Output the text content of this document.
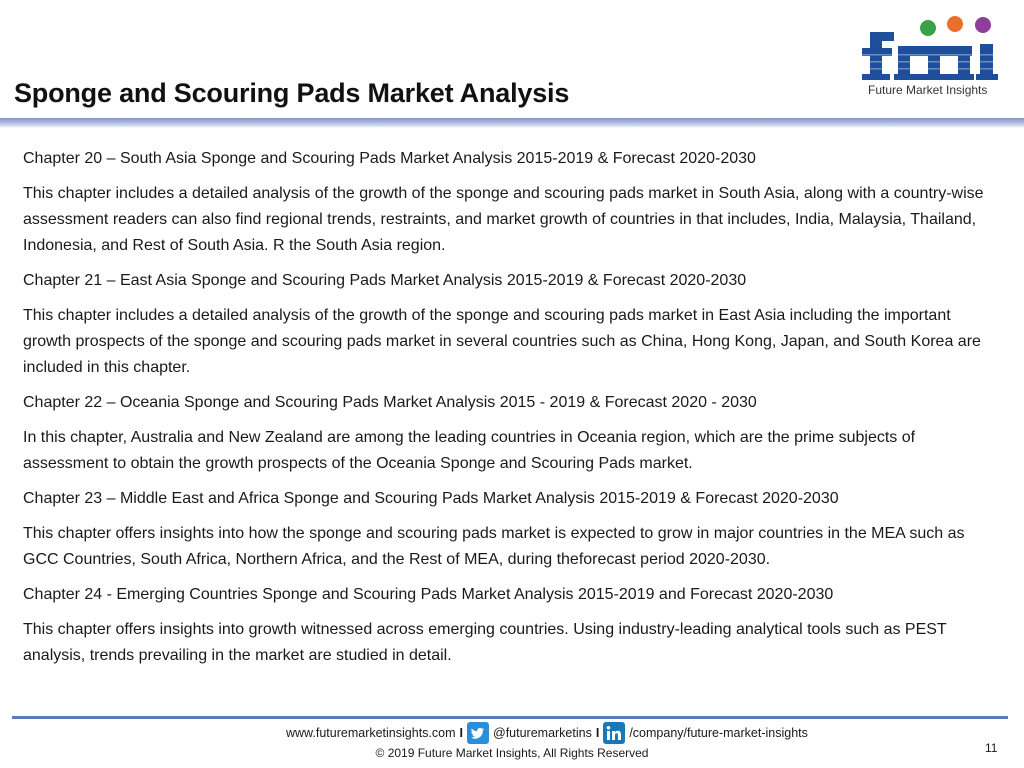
Sponge and Scouring Pads Market Analysis	Future Market Insights

Chapter 20 – South Asia Sponge and Scouring Pads Market Analysis 2015-2019 & Forecast 2020-2030

This chapter includes a detailed analysis of the growth of the sponge and scouring pads market in South Asia, along with a country-wise assessment readers can also find regional trends, restraints, and market growth of countries in that includes, India, Malaysia, Thailand, Indonesia, and Rest of South Asia. R the South Asia region.

Chapter 21 – East Asia Sponge and Scouring Pads Market Analysis 2015-2019 & Forecast 2020-2030

This chapter includes a detailed analysis of the growth of the sponge and scouring pads market in East Asia including the important growth prospects of the sponge and scouring pads market in several countries such as China, Hong Kong, Japan, and South Korea are included in this chapter.

Chapter 22 – Oceania Sponge and Scouring Pads Market Analysis 2015 - 2019 & Forecast 2020 - 2030

In this chapter, Australia and New Zealand are among the leading countries in Oceania region, which are the prime subjects of assessment to obtain the growth prospects of the Oceania Sponge and Scouring Pads market.

Chapter 23 – Middle East and Africa Sponge and Scouring Pads Market Analysis 2015-2019 & Forecast 2020-2030

This chapter offers insights into how the sponge and scouring pads market is expected to grow in major countries in the MEA such as GCC Countries, South Africa, Northern Africa, and the Rest of MEA, during theforecast period 2020-2030.

Chapter 24 - Emerging Countries Sponge and Scouring Pads Market Analysis 2015-2019 and Forecast 2020-2030

This chapter offers insights into growth witnessed across emerging countries. Using industry-leading analytical tools such as PEST analysis, trends prevailing in the market are studied in detail.

www.futuremarketinsights.com I @futuremarketins I /company/future-market-insights
© 2019 Future Market Insights, All Rights Reserved	11
